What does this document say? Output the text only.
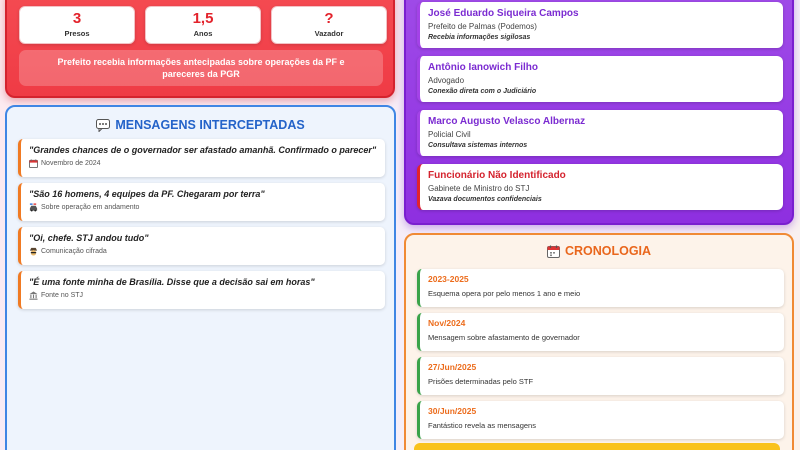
3
Presos
1,5
Anos
?
Vazador
Prefeito recebia informações antecipadas sobre operações da PF e pareceres da PGR
MENSAGENS INTERCEPTADAS
"Grandes chances de o governador ser afastado amanhã. Confirmado o parecer"
Novembro de 2024
"São 16 homens, 4 equipes da PF. Chegaram por terra"
Sobre operação em andamento
"Oi, chefe. STJ andou tudo"
Comunicação cifrada
"É uma fonte minha de Brasília. Disse que a decisão sai em horas"
Fonte no STJ
José Eduardo Siqueira Campos
Prefeito de Palmas (Podemos)
Recebia informações sigilosas
Antônio Ianowich Filho
Advogado
Conexão direta com o Judiciário
Marco Augusto Velasco Albernaz
Policial Civil
Consultava sistemas internos
Funcionário Não Identificado
Gabinete de Ministro do STJ
Vazava documentos confidenciais
CRONOLOGIA
2023-2025
Esquema opera por pelo menos 1 ano e meio
Nov/2024
Mensagem sobre afastamento de governador
27/Jun/2025
Prisões determinadas pelo STF
30/Jun/2025
Fantástico revela as mensagens
